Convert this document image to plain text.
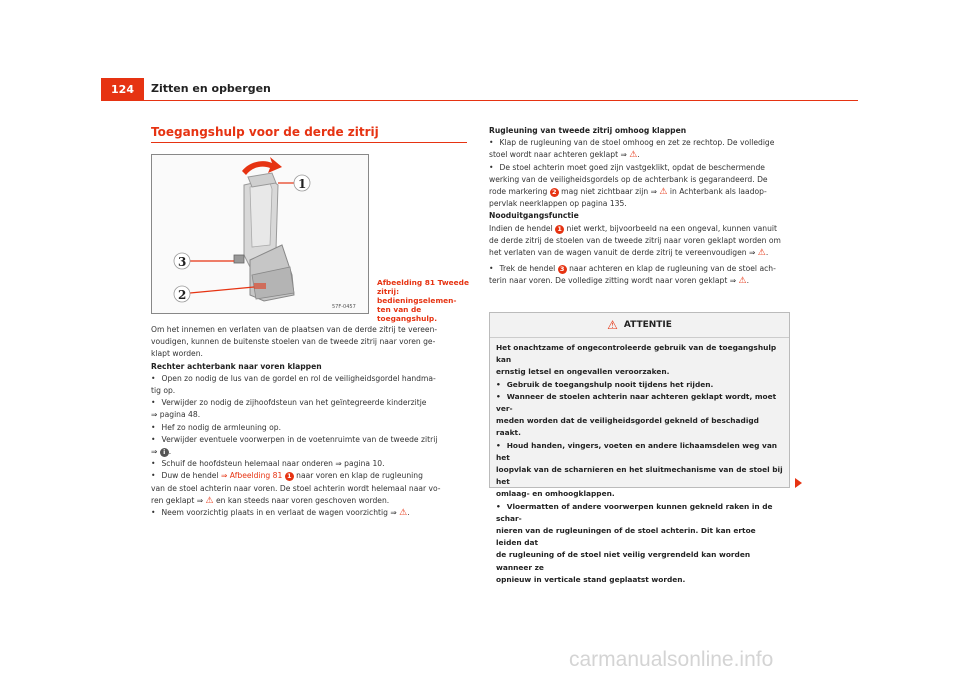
124	Zitten en opbergen
Toegangshulp voor de derde zitrij
1
3
2
57F-0457
Afbeelding 81 Tweede
zitrij: bedieningselemen-
ten van de toegangshulp.

Om het innemen en verlaten van de plaatsen van de derde zitrij te vereen-

voudigen, kunnen de buitenste stoelen van de tweede zitrij naar voren ge-

klapt worden.

Rechter achterbank naar voren klappen

• Open zo nodig de lus van de gordel en rol de veiligheidsgordel handma-

tig op.

• Verwijder zo nodig de zijhoofdsteun van het geïntegreerde kinderzitje

⇒ pagina 48.

• Hef zo nodig de armleuning op.

• Verwijder eventuele voorwerpen in de voetenruimte van de tweede zitrij

⇒ i .

• Schuif de hoofdsteun helemaal naar onderen ⇒ pagina 10.

• Duw de hendel ⇒ Afbeelding 81 1 naar voren en klap de rugleuning

van de stoel achterin naar voren. De stoel achterin wordt helemaal naar vo-

ren geklapt ⇒ ⚠ en kan steeds naar voren geschoven worden.

• Neem voorzichtig plaats in en verlaat de wagen voorzichtig ⇒ ⚠.

Rugleuning van tweede zitrij omhoog klappen

• Klap de rugleuning van de stoel omhoog en zet ze rechtop. De volledige

stoel wordt naar achteren geklapt ⇒ ⚠.

• De stoel achterin moet goed zijn vastgeklikt, opdat de beschermende

werking van de veiligheidsgordels op de achterbank is gegarandeerd. De

rode markering 2 mag niet zichtbaar zijn ⇒ ⚠ in Achterbank als laadop-

pervlak neerklappen op pagina 135.

Nooduitgangsfunctie

Indien de hendel 1 niet werkt, bijvoorbeeld na een ongeval, kunnen vanuit

de derde zitrij de stoelen van de tweede zitrij naar voren geklapt worden om

het verlaten van de wagen vanuit de derde zitrij te vereenvoudigen ⇒ ⚠.

• Trek de hendel 3 naar achteren en klap de rugleuning van de stoel ach-

terin naar voren. De volledige zitting wordt naar voren geklapt ⇒ ⚠.

⚠ ATTENTIE

Het onachtzame of ongecontroleerde gebruik van de toegangshulp kan

ernstig letsel en ongevallen veroorzaken.

• Gebruik de toegangshulp nooit tijdens het rijden.

• Wanneer de stoelen achterin naar achteren geklapt wordt, moet ver-

meden worden dat de veiligheidsgordel gekneld of beschadigd raakt.

• Houd handen, vingers, voeten en andere lichaamsdelen weg van het

loopvlak van de scharnieren en het sluitmechanisme van de stoel bij het

omlaag- en omhoogklappen.

• Vloermatten of andere voorwerpen kunnen gekneld raken in de schar-

nieren van de rugleuningen of de stoel achterin. Dit kan ertoe leiden dat

de rugleuning of de stoel niet veilig vergrendeld kan worden wanneer ze

opnieuw in verticale stand geplaatst worden.

carmanualsonline.info
